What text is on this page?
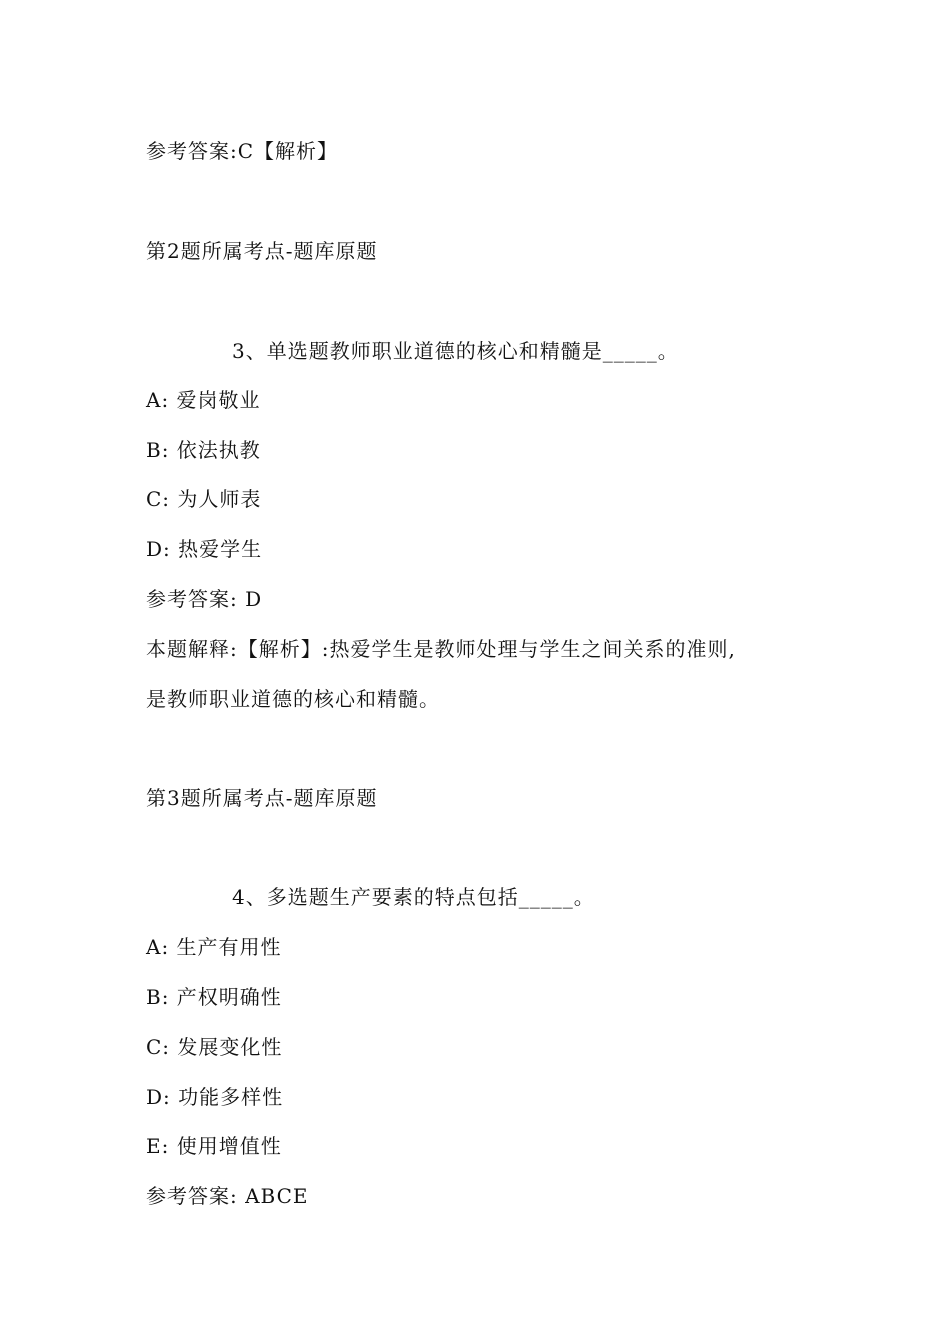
参考答案:C【解析】
第2题所属考点-题库原题
3、单选题教师职业道德的核心和精髓是_____。
A: 爱岗敬业
B: 依法执教
C: 为人师表
D: 热爱学生
参考答案: D
本题解释:【解析】:热爱学生是教师处理与学生之间关系的准则,
是教师职业道德的核心和精髓。
第3题所属考点-题库原题
4、多选题生产要素的特点包括_____。
A: 生产有用性
B: 产权明确性
C: 发展变化性
D: 功能多样性
E: 使用增值性
参考答案: ABCE
